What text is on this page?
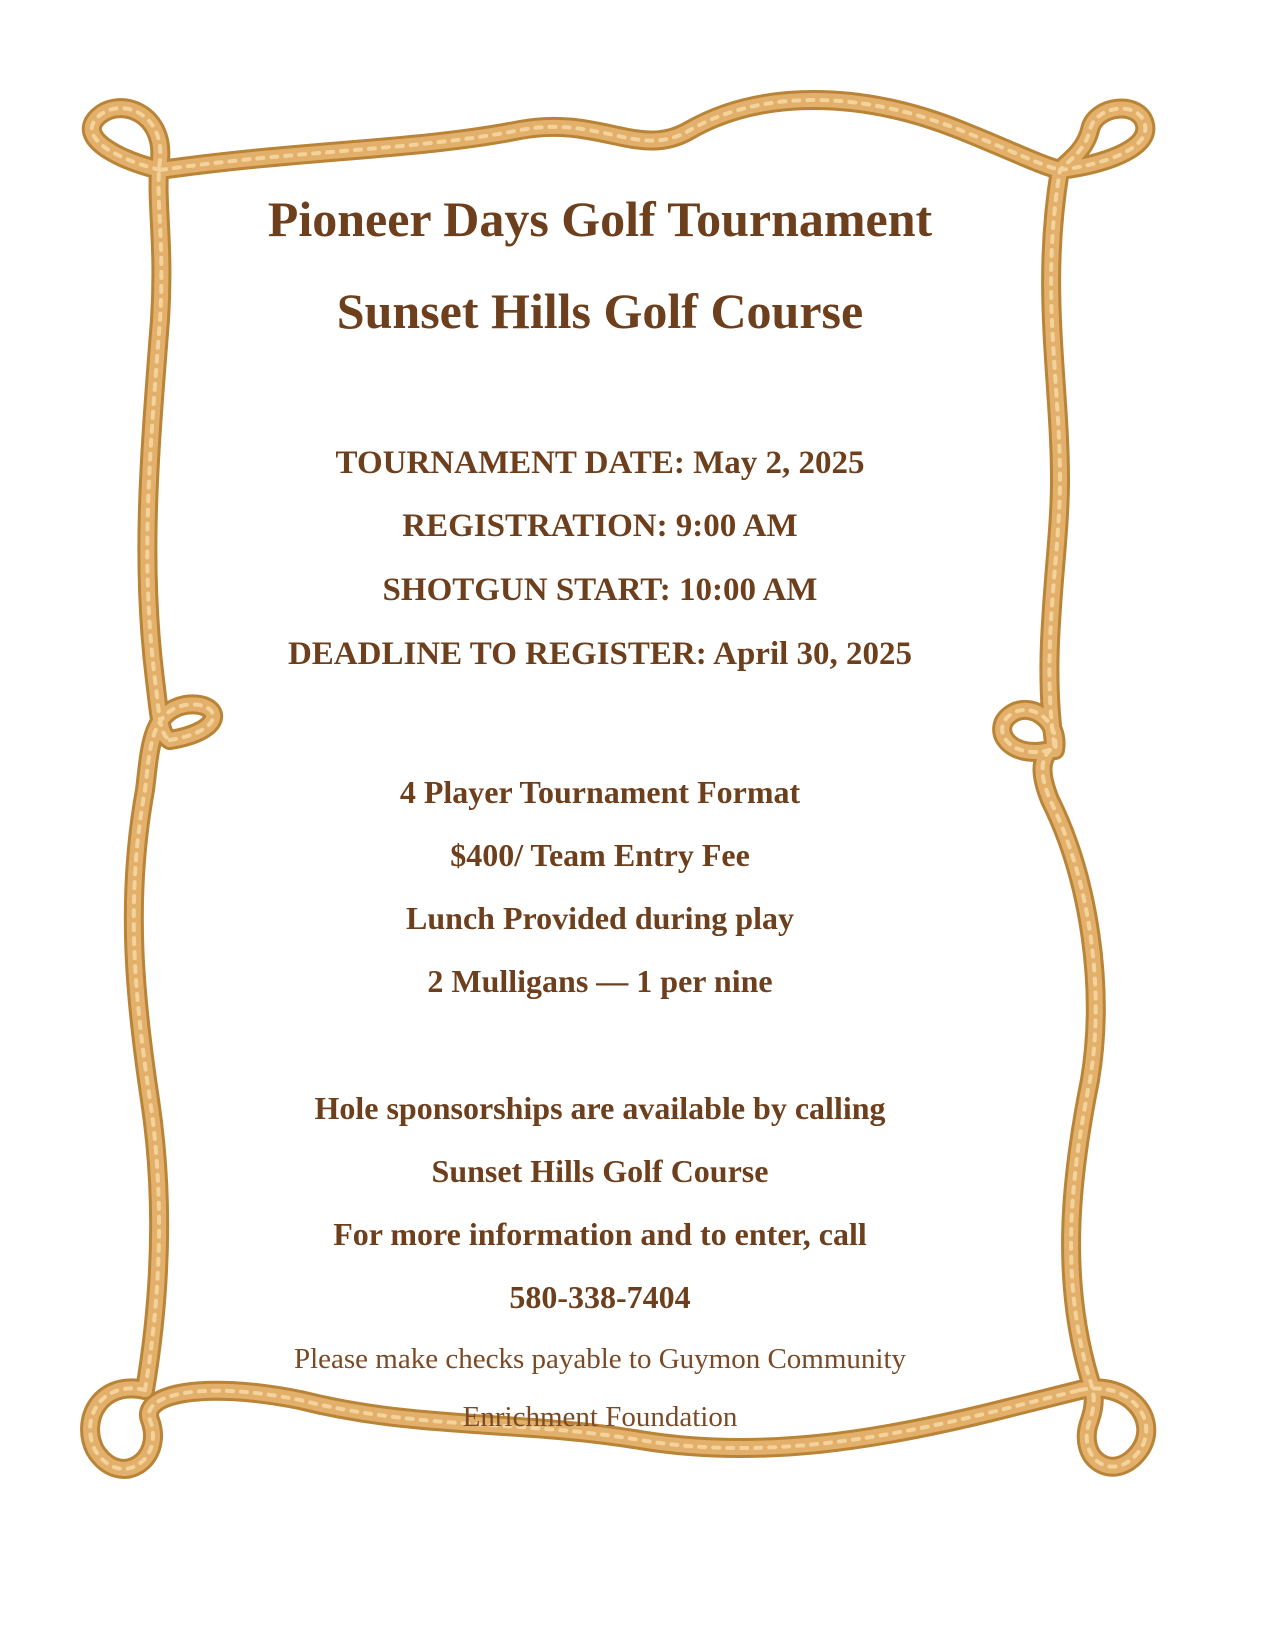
Pioneer Days Golf Tournament
Sunset Hills Golf Course
TOURNAMENT DATE: May 2, 2025
REGISTRATION: 9:00 AM
SHOTGUN START: 10:00 AM
DEADLINE TO REGISTER: April 30, 2025
4 Player Tournament Format
$400/ Team Entry Fee
Lunch Provided during play
2 Mulligans — 1 per nine
Hole sponsorships are available by calling
Sunset Hills Golf Course
For more information and to enter, call
580-338-7404
Please make checks payable to Guymon Community
Enrichment Foundation
